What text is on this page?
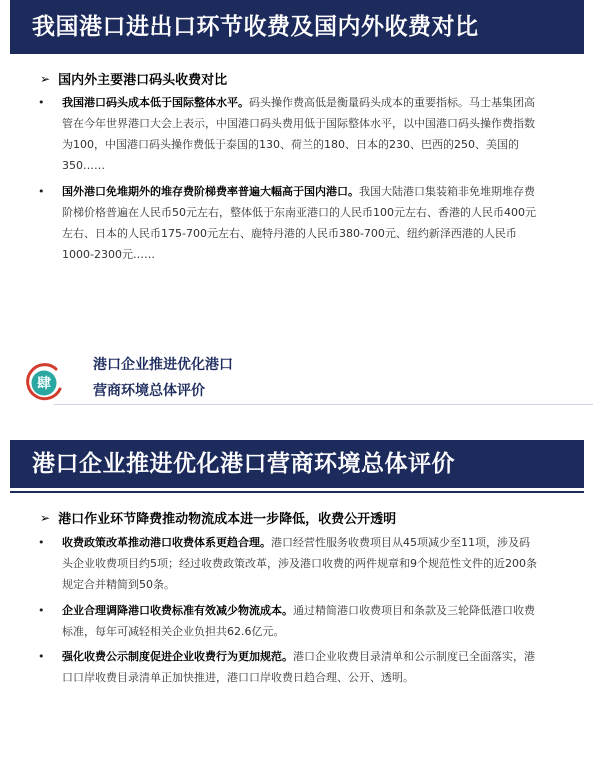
我国港口进出口环节收费及国内外收费对比
➢ 国内外主要港口码头收费对比
• 我国港口码头成本低于国际整体水平。码头操作费高低是衡量码头成本的重要指标。马士基集团高
管在今年世界港口大会上表示，中国港口码头费用低于国际整体水平，以中国港口码头操作费指数
为100，中国港口码头操作费低于泰国的130、荷兰的180、日本的230、巴西的250、美国的
350……
• 国外港口免堆期外的堆存费阶梯费率普遍大幅高于国内港口。我国大陆港口集装箱非免堆期堆存费
阶梯价格普遍在人民币50元左右，整体低于东南亚港口的人民币100元左右、香港的人民币400元
左右、日本的人民币175-700元左右、鹿特丹港的人民币380-700元、纽约新泽西港的人民币
1000-2300元……
肆
港口企业推进优化港口
营商环境总体评价
港口企业推进优化港口营商环境总体评价
➢ 港口作业环节降费推动物流成本进一步降低，收费公开透明
• 收费政策改革推动港口收费体系更趋合理。港口经营性服务收费项目从45项减少至11项，涉及码
头企业收费项目约5项；经过收费政策改革，涉及港口收费的两件规章和9个规范性文件的近200条
规定合并精简到50条。
• 企业合理调降港口收费标准有效减少物流成本。通过精简港口收费项目和条款及三轮降低港口收费
标准，每年可减轻相关企业负担共62.6亿元。
• 强化收费公示制度促进企业收费行为更加规范。港口企业收费目录清单和公示制度已全面落实，港
口口岸收费目录清单正加快推进，港口口岸收费日趋合理、公开、透明。
